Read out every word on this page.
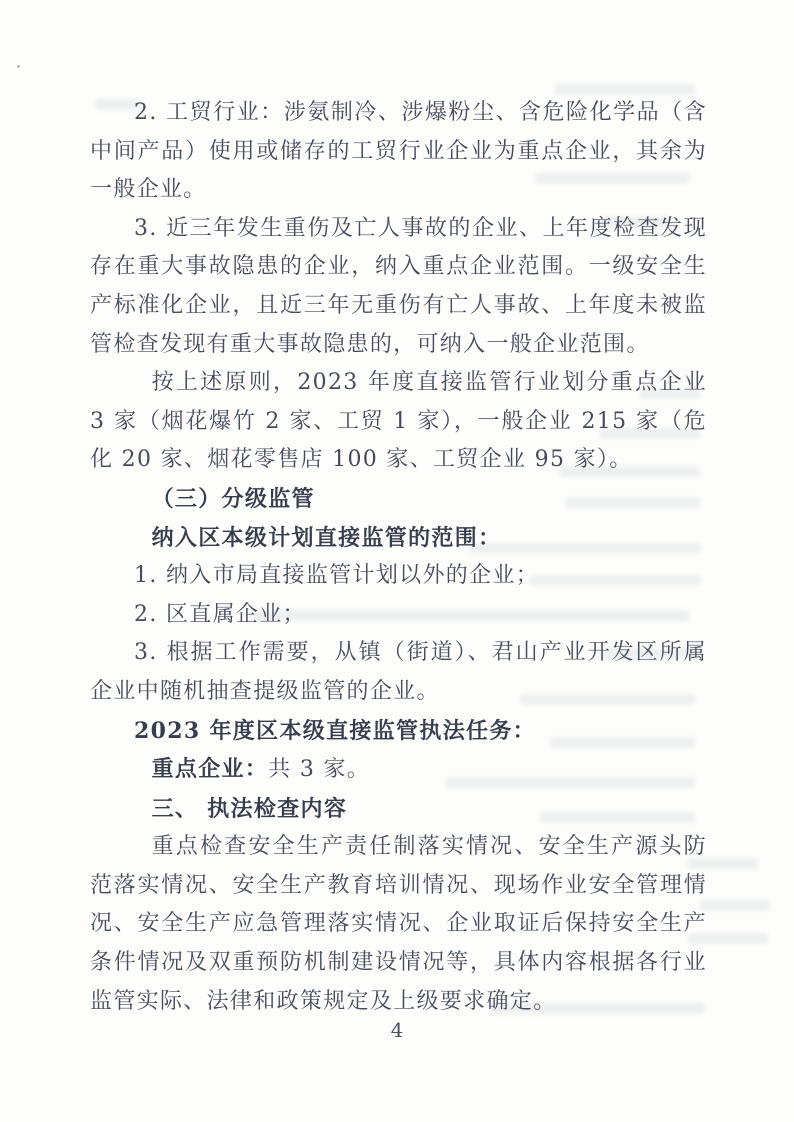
2. 工贸行业：涉氨制冷、涉爆粉尘、含危险化学品（含中间产品）使用或储存的工贸行业企业为重点企业，其余为一般企业。

3. 近三年发生重伤及亡人事故的企业、上年度检查发现存在重大事故隐患的企业，纳入重点企业范围。一级安全生产标准化企业，且近三年无重伤有亡人事故、上年度未被监管检查发现有重大事故隐患的，可纳入一般企业范围。

按上述原则，2023 年度直接监管行业划分重点企业 3 家（烟花爆竹 2 家、工贸 1 家），一般企业 215 家（危化 20 家、烟花零售店 100 家、工贸企业 95 家）。

（三）分级监管

纳入区本级计划直接监管的范围：

1. 纳入市局直接监管计划以外的企业；

2. 区直属企业；

3. 根据工作需要，从镇（街道）、君山产业开发区所属企业中随机抽查提级监管的企业。

2023 年度区本级直接监管执法任务：

重点企业：共 3 家。

三、 执法检查内容

重点检查安全生产责任制落实情况、安全生产源头防范落实情况、安全生产教育培训情况、现场作业安全管理情况、安全生产应急管理落实情况、企业取证后保持安全生产条件情况及双重预防机制建设情况等，具体内容根据各行业监管实际、法律和政策规定及上级要求确定。

4
